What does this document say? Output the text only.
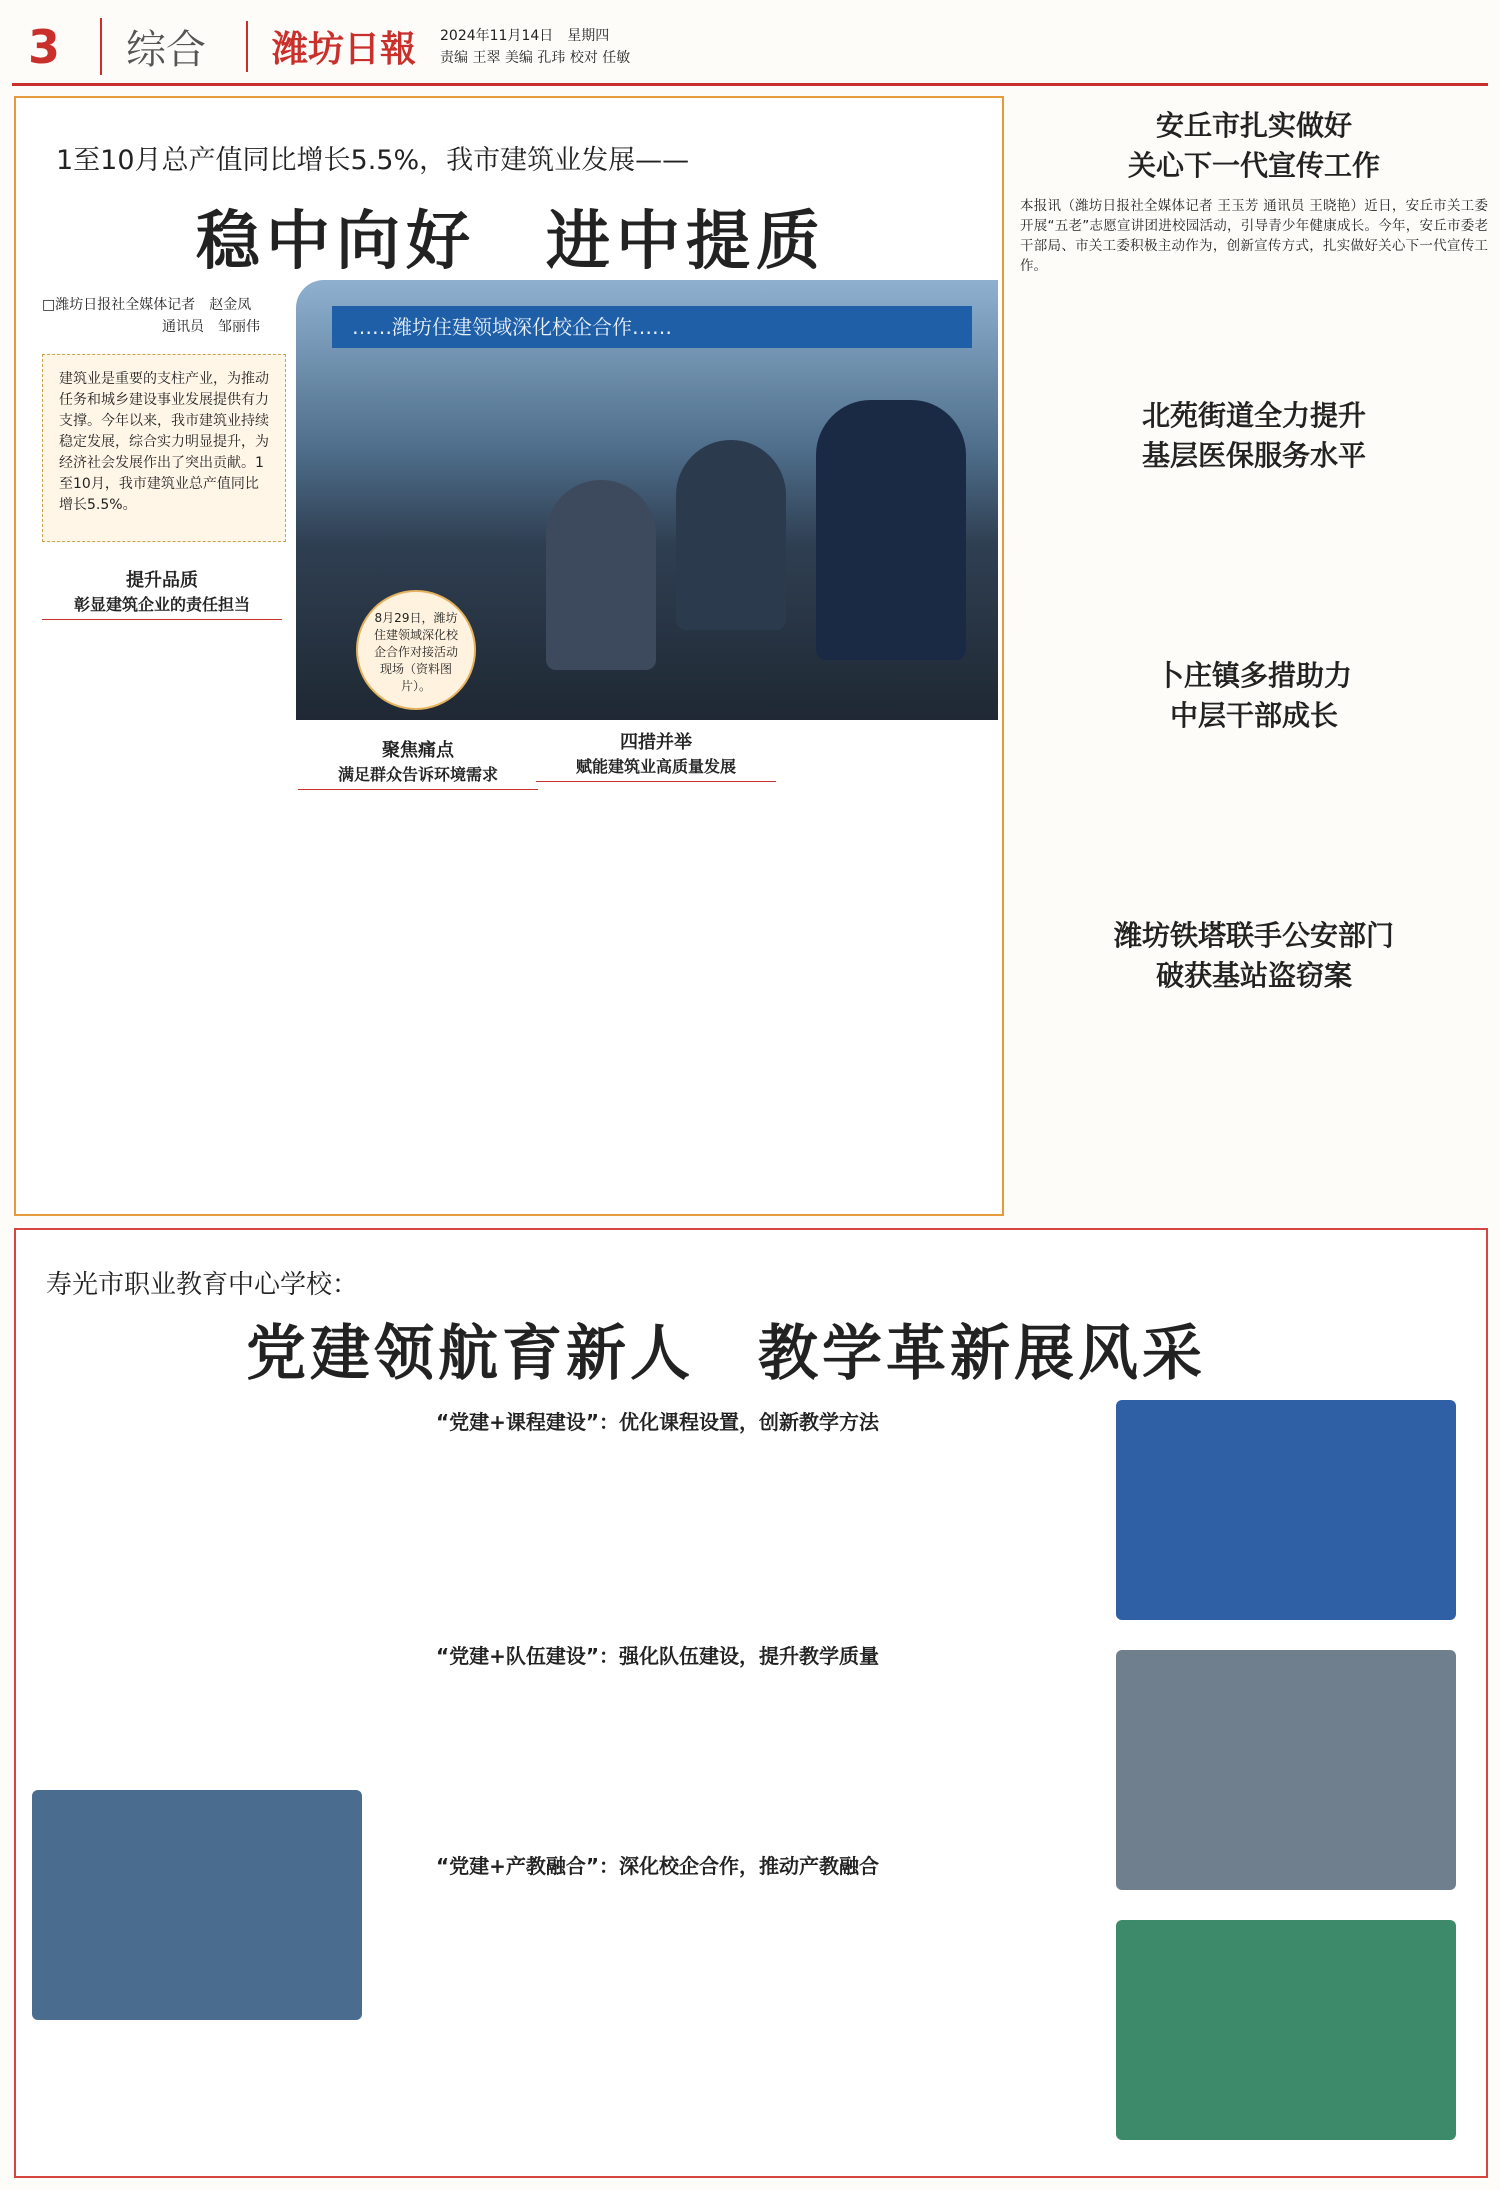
3	综合	潍坊日報 2024年11月14日 星期四
责编 王翠 美编 孔玮 校对 任敏
1至10月总产值同比增长5.5%，我市建筑业发展——
稳中向好　进中提质
□潍坊日报社全媒体记者　赵金凤
通讯员　邹丽伟
建筑业是重要的支柱产业，为推动任务和城乡建设事业发展提供有力支撑。今年以来，我市建筑业持续稳定发展，综合实力明显提升，为经济社会发展作出了突出贡献。1至10月，我市建筑业总产值同比增长5.5%。
……潍坊住建领域深化校企合作……
8月29日，潍坊住建领域深化校企合作对接活动现场（资料图片）。
提升品质
彰显建筑企业的责任担当
聚焦痛点
满足群众告诉环境需求
四措并举
赋能建筑业高质量发展
安丘市扎实做好
关心下一代宣传工作
本报讯（潍坊日报社全媒体记者 王玉芳 通讯员 王晓艳）近日，安丘市关工委开展“五老”志愿宣讲团进校园活动，引导青少年健康成长。今年，安丘市委老干部局、市关工委积极主动作为，创新宣传方式，扎实做好关心下一代宣传工作。
北苑街道全力提升
基层医保服务水平
卜庄镇多措助力
中层干部成长
潍坊铁塔联手公安部门
破获基站盗窃案
寿光市职业教育中心学校：
党建领航育新人　教学革新展风采
“党建+课程建设”：优化课程设置，创新教学方法
“党建+队伍建设”：强化队伍建设，提升教学质量
“党建+产教融合”：深化校企合作，推动产教融合
